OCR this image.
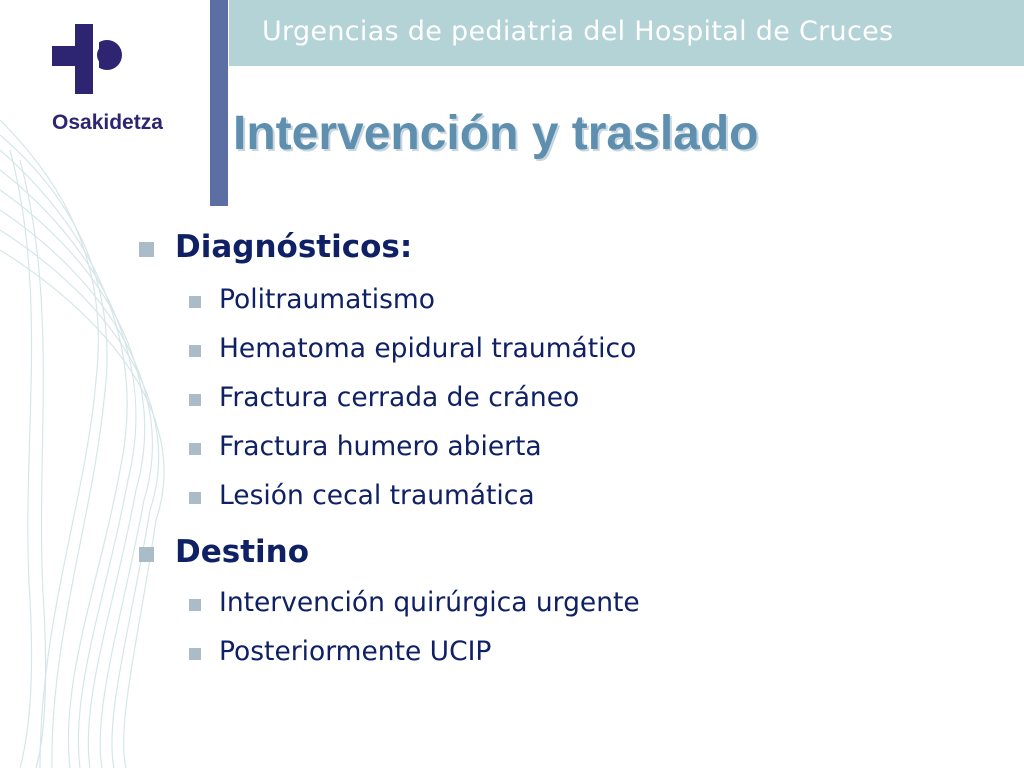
Urgencias de pediatria del Hospital de Cruces
Osakidetza Intervención y traslado
Diagnósticos:
Politraumatismo
Hematoma epidural traumático
Fractura cerrada de cráneo
Fractura humero abierta
Lesión cecal traumática
Destino
Intervención quirúrgica urgente
Posteriormente UCIP
